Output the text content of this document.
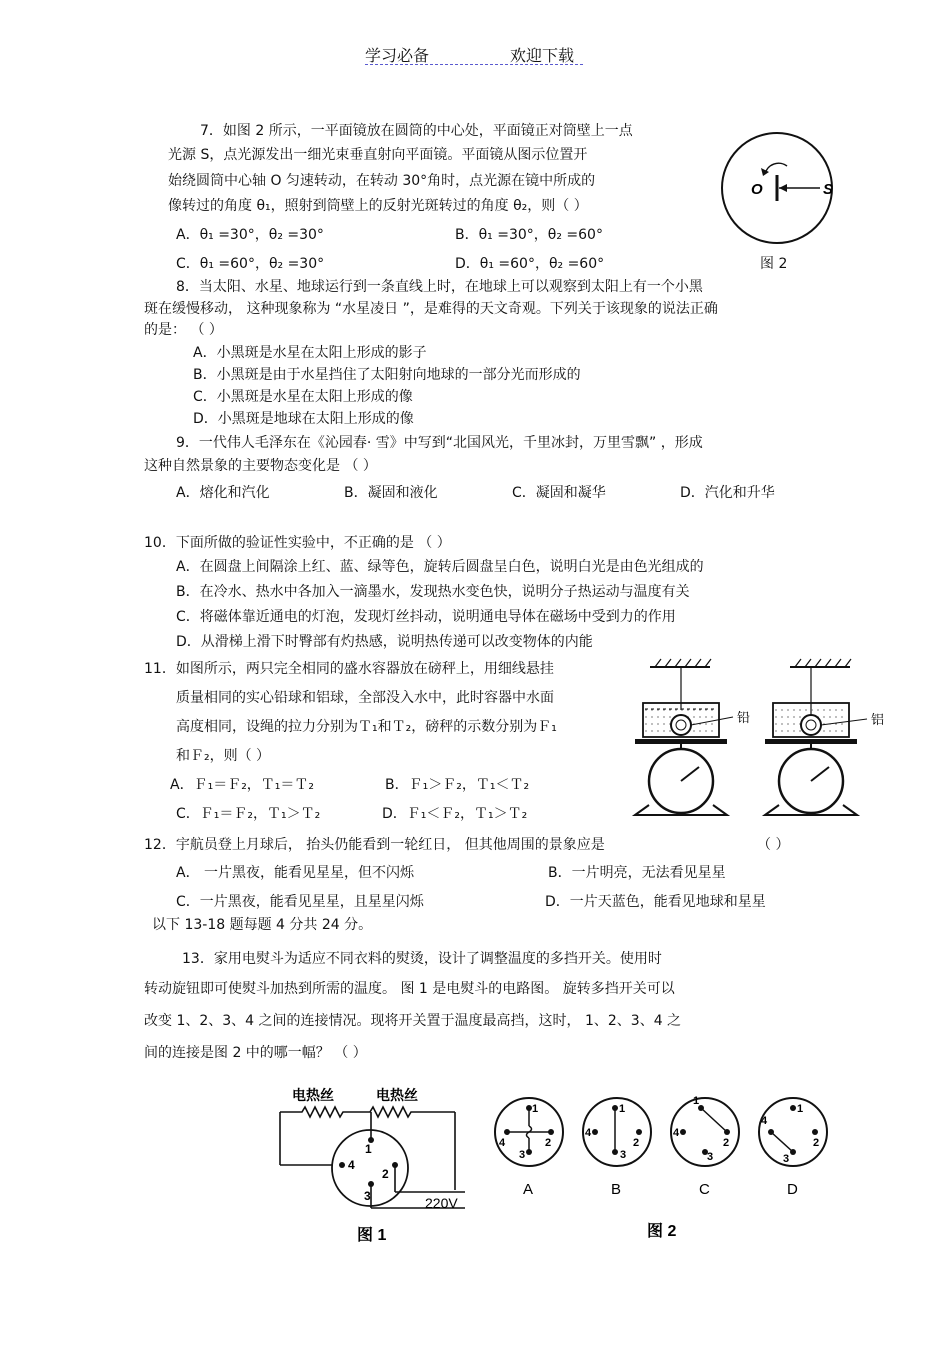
学习必备	欢迎下载
7．如图 2 所示，一平面镜放在圆筒的中心处，平面镜正对筒壁上一点
光源 S，点光源发出一细光束垂直射向平面镜。平面镜从图示位置开
始绕圆筒中心轴 O 匀速转动，在转动 30°角时，点光源在镜中所成的
像转过的角度 θ₁，照射到筒壁上的反射光斑转过的角度 θ₂，则（ ）
A．θ₁ =30°，θ₂ =30°	B．θ₁ =30°，θ₂ =60°
C．θ₁ =60°，θ₂ =30°	D．θ₁ =60°，θ₂ =60°
O	S
图 2
8．当太阳、水星、地球运行到一条直线上时，在地球上可以观察到太阳上有一个小黑
斑在缓慢移动， 这种现象称为 “水星凌日 ”，是难得的天文奇观。下列关于该现象的说法正确
的是： （ ）
A．小黑斑是水星在太阳上形成的影子
B．小黑斑是由于水星挡住了太阳射向地球的一部分光而形成的
C．小黑斑是水星在太阳上形成的像
D．小黑斑是地球在太阳上形成的像
9．一代伟人毛泽东在《沁园春· 雪》中写到“北国风光，千里冰封，万里雪飘” ，形成
这种自然景象的主要物态变化是 （ ）
A．熔化和汽化	B．凝固和液化	C．凝固和凝华	D．汽化和升华
10．下面所做的验证性实验中，不正确的是 （ ）
A．在圆盘上间隔涂上红、蓝、绿等色，旋转后圆盘呈白色，说明白光是由色光组成的
B．在冷水、热水中各加入一滴墨水，发现热水变色快，说明分子热运动与温度有关
C．将磁体靠近通电的灯泡，发现灯丝抖动，说明通电导体在磁场中受到力的作用
D．从滑梯上滑下时臀部有灼热感，说明热传递可以改变物体的内能
11．如图所示，两只完全相同的盛水容器放在磅秤上，用细线悬挂
质量相同的实心铅球和铝球，全部没入水中，此时容器中水面
高度相同，设绳的拉力分别为Ｔ₁和Ｔ₂，磅秤的示数分别为Ｆ₁
和Ｆ₂，则（ ）
A．Ｆ₁＝Ｆ₂，Ｔ₁＝Ｔ₂	B．Ｆ₁＞Ｆ₂，Ｔ₁＜Ｔ₂
C．Ｆ₁＝Ｆ₂，Ｔ₁＞Ｔ₂	D．Ｆ₁＜Ｆ₂，Ｔ₁＞Ｔ₂
铅	铝
12．宇航员登上月球后， 抬头仍能看到一轮红日， 但其他周围的景象应是	（ ）
A． 一片黑夜，能看见星星，但不闪烁	B．一片明亮，无法看见星星
C．一片黑夜，能看见星星，且星星闪烁	D．一片天蓝色，能看见地球和星星
以下 13-18 题每题 4 分共 24 分。
13．家用电熨斗为适应不同衣料的熨烫，设计了调整温度的多挡开关。使用时
转动旋钮即可使熨斗加热到所需的温度。 图 1 是电熨斗的电路图。 旋转多挡开关可以
改变 1、2、3、4 之间的连接情况。现将开关置于温度最高挡，这时， 1、2、3、4 之
间的连接是图 2 中的哪一幅？ （ ）
电热丝	电热丝
1
2
3
4
220V
图 1
1
2
3
4
A
1
2
3
4
B
1
2
3
4
C
1
2
3
4
D
图 2
